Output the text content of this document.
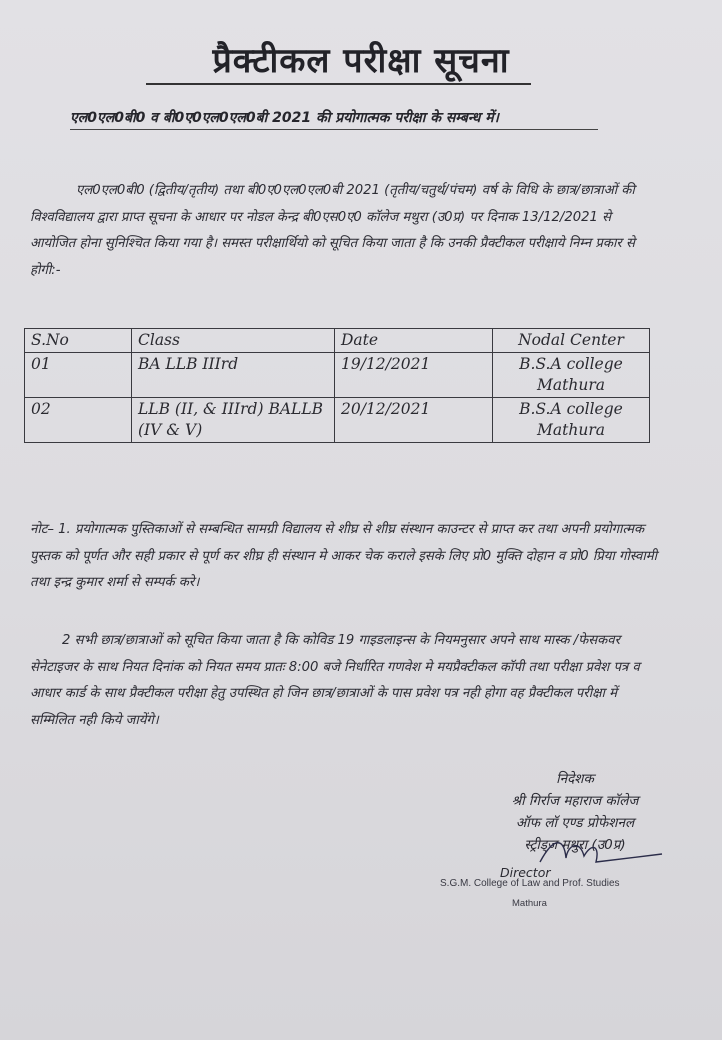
प्रैक्टीकल परीक्षा सूचना
एल0एल0बी0 व बी0ए0एल0एल0बी 2021 की प्रयोगात्मक परीक्षा के सम्बन्ध में।
एल0एल0बी0 (द्वितीय/तृतीय) तथा बी0ए0एल0एल0बी 2021 (तृतीय/चतुर्थ/पंचम) वर्ष के विधि के छात्र/छात्राओं की विश्वविद्यालय द्वारा प्राप्त सूचना के आधार पर नोडल केन्द्र बी0एस0ए0 कॉलेज मथुरा (उ0प्र) पर दिनाक 13/12/2021 से आयोजित होना सुनिश्चित किया गया है। समस्त परीक्षार्थियो को सूचित किया जाता है कि उनकी प्रैक्टीकल परीक्षाये निम्न प्रकार से होगी:-
S.No	Class	Date	Nodal Center
01	BA LLB IIIrd	19/12/2021	B.S.A college Mathura
02	LLB (II, & IIIrd) BALLB (IV & V)	20/12/2021	B.S.A college Mathura
नोट– 1. प्रयोगात्मक पुस्तिकाओं से सम्बन्धित सामग्री विद्यालय से शीघ्र से शीघ्र संस्थान काउन्टर से प्राप्त कर तथा अपनी प्रयोगात्मक पुस्तक को पूर्णत और सही प्रकार से पूर्ण कर शीघ्र ही संस्थान मे आकर चेक कराले इसके लिए प्रो0 मुक्ति दोहान व प्रो0 प्रिया गोस्वामी तथा इन्द्र कुमार शर्मा से सम्पर्क करे।
2 सभी छात्र/छात्राओं को सूचित किया जाता है कि कोविड 19 गाइडलाइन्स के नियमनुसार अपने साथ मास्क /फेसकवर सेनेटाइजर के साथ नियत दिनांक को नियत समय प्रातः 8:00 बजे निर्धारित गणवेश मे मयप्रैक्टीकल कॉपी तथा परीक्षा प्रवेश पत्र व आधार कार्ड के साथ प्रैक्टीकल परीक्षा हेतु उपस्थित हो जिन छात्र/छात्राओं के पास प्रवेश पत्र नही होगा वह प्रैक्टीकल परीक्षा में सम्मिलित नही किये जायेंगे।
निदेशक
श्री गिर्राज महाराज कॉलेज
ऑफ लॉ एण्ड प्रोफेशनल
स्ट्रीड्ज मथुरा (उ0प्र)
Director
S.G.M. College of Law and Prof. Studies
Mathura
